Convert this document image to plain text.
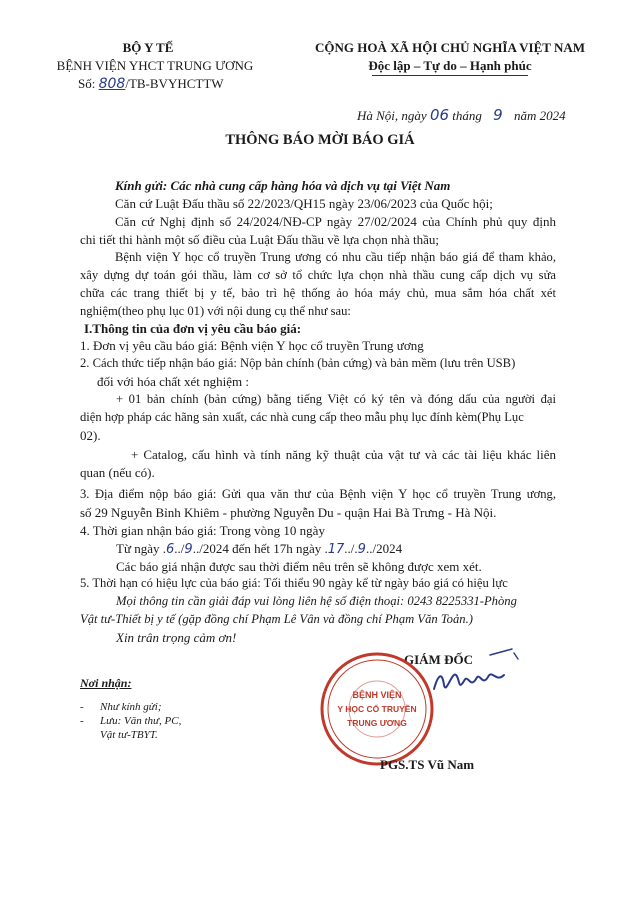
BỘ Y TẾ
BỆNH VIỆN YHCT TRUNG ƯƠNG
Số: 808/TB-BVYHCTTW
CỘNG HOÀ XÃ HỘI CHỦ NGHĨA VIỆT NAM
Độc lập – Tự do – Hạnh phúc
Hà Nội, ngày 06 tháng 9 năm 2024
THÔNG BÁO MỜI BÁO GIÁ
Kính gửi: Các nhà cung cấp hàng hóa và dịch vụ tại Việt Nam
Căn cứ Luật Đấu thầu số 22/2023/QH15 ngày 23/06/2023 của Quốc hội;
Căn cứ Nghị định số 24/2024/NĐ-CP ngày 27/02/2024 của Chính phủ quy định
chi tiết thi hành một số điều của Luật Đấu thầu về lựa chọn nhà thầu;
Bệnh viện Y học cổ truyền Trung ương có nhu cầu tiếp nhận báo giá để tham khảo,
xây dựng dự toán gói thầu, làm cơ sở tổ chức lựa chọn nhà thầu cung cấp dịch vụ sửa
chữa các trang thiết bị y tế, bảo trì hệ thống ảo hóa máy chủ, mua sắm hóa chất xét
nghiệm(theo phụ lục 01) với nội dung cụ thể như sau:
I.Thông tin của đơn vị yêu cầu báo giá:
1. Đơn vị yêu cầu báo giá: Bệnh viện Y học cổ truyền Trung ương
2. Cách thức tiếp nhận báo giá: Nộp bản chính (bản cứng) và bản mềm (lưu trên USB)
đối với hóa chất xét nghiệm :
+ 01 bản chính (bản cứng) bằng tiếng Việt có ký tên và đóng dấu của người đại
diện hợp pháp các hãng sản xuất, các nhà cung cấp theo mẫu phụ lục đính kèm(Phụ Lục
02).
+ Catalog, cấu hình và tính năng kỹ thuật của vật tư và các tài liệu khác liên
quan (nếu có).
3. Địa điểm nộp báo giá: Gửi qua văn thư của Bệnh viện Y học cổ truyền Trung ương,
số 29 Nguyễn Bỉnh Khiêm - phường Nguyễn Du - quận Hai Bà Trưng - Hà Nội.
4. Thời gian nhận báo giá: Trong vòng 10 ngày
Từ ngày .6../9../2024 đến hết 17h ngày .17../.9../2024
Các báo giá nhận được sau thời điểm nêu trên sẽ không được xem xét.
5. Thời hạn có hiệu lực của báo giá: Tối thiểu 90 ngày kể từ ngày báo giá có hiệu lực
Mọi thông tin cần giải đáp vui lòng liên hệ số điện thoại: 0243 8225331-Phòng
Vật tư-Thiết bị y tế (gặp đồng chí Phạm Lê Vân và đồng chí Phạm Văn Toản.)
Xin trân trọng cảm ơn!
Nơi nhận:
- Như kính gửi;
- Lưu: Văn thư, PC,
Vật tư-TBYT.
GIÁM ĐỐC
BỆNH VIỆN
Y HỌC CỔ TRUYỀN
TRUNG ƯƠNG
PGS.TS Vũ Nam
